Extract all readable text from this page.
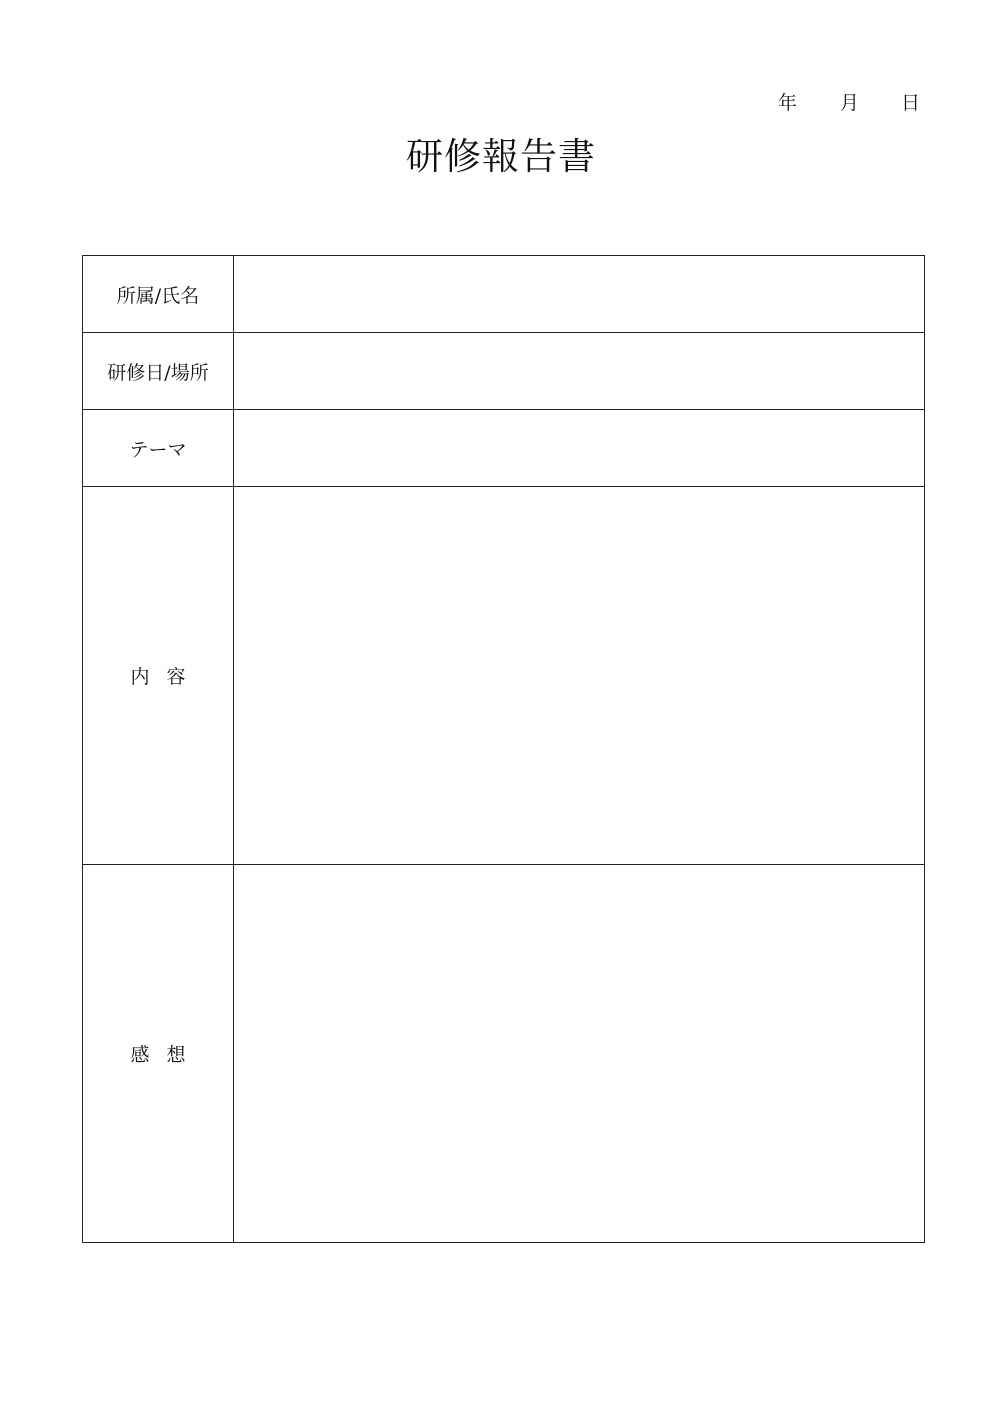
年 月 日
研修報告書
所属/氏名	
研修日/場所	
テーマ	
内容	
感想	
